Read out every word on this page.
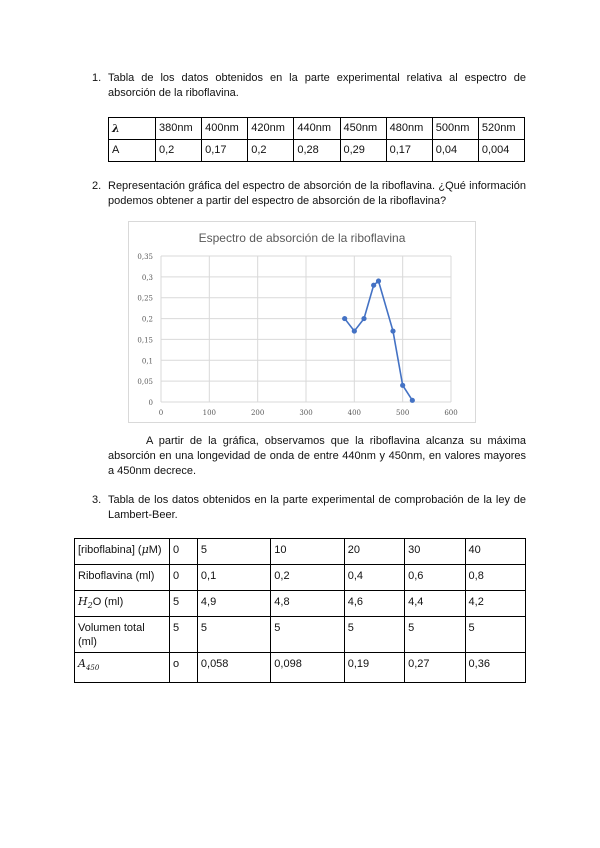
1. Tabla de los datos obtenidos en la parte experimental relativa al espectro de absorción de la riboflavina.
λ	380nm	400nm	420nm	440nm	450nm	480nm	500nm	520nm
A	0,2	0,17	0,2	0,28	0,29	0,17	0,04	0,004
2. Representación gráfica del espectro de absorción de la riboflavina. ¿Qué información podemos obtener a partir del espectro de absorción de la riboflavina?
Espectro de absorción de la riboflavina
0	100	200	300	400	500	600
0
0,05
0,1
0,15
0,2
0,25
0,3
0,35
A partir de la gráfica, observamos que la riboflavina alcanza su máxima absorción en una longevidad de onda de entre 440nm y 450nm, en valores mayores a 450nm decrece.
3. Tabla de los datos obtenidos en la parte experimental de comprobación de la ley de Lambert-Beer.
[riboflabina] (μM)	0	5	10	20	30	40
Riboflavina (ml)	0	0,1	0,2	0,4	0,6	0,8
$H_2O$ (ml)	5	4,9	4,8	4,6	4,4	4,2
Volumen total (ml)	5	5	5	5	5	5
$A_{450}$	o	0,058	0,098	0,19	0,27	0,36
